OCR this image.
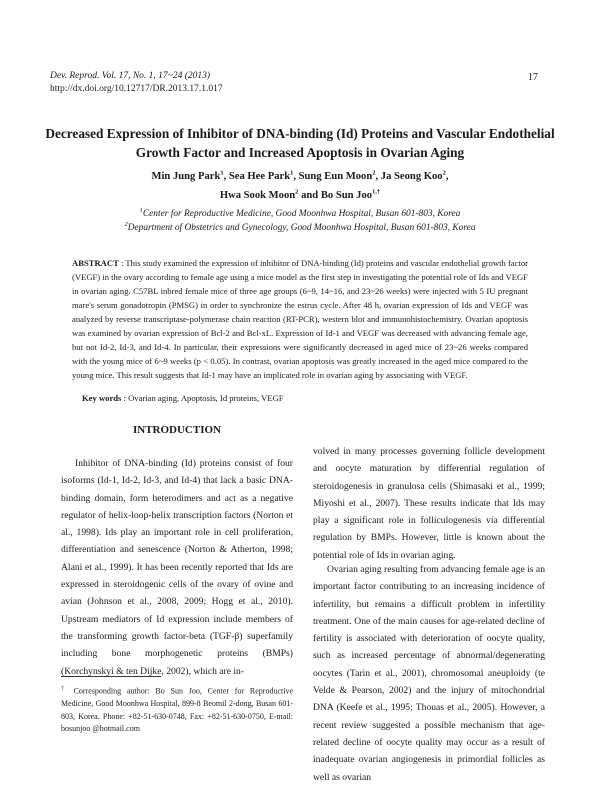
Dev. Reprod. Vol. 17, No. 1, 17~24 (2013)
http://dx.doi.org/10.12717/DR.2013.17.1.017
17
Decreased Expression of Inhibitor of DNA-binding (Id) Proteins and Vascular Endothelial Growth Factor and Increased Apoptosis in Ovarian Aging
Min Jung Park$^1$, Sea Hee Park$^1$, Sung Eun Moon$^2$, Ja Seong Koo$^2$,
Hwa Sook Moon$^2$ and Bo Sun Joo$^{1,\dagger}$
$^1$Center for Reproductive Medicine, Good Moonhwa Hospital, Busan 601-803, Korea
$^2$Department of Obstetrics and Gynecology, Good Moonhwa Hospital, Busan 601-803, Korea
ABSTRACT : This study examined the expression of inhibitor of DNA-binding (Id) proteins and vascular endothelial growth factor (VEGF) in the ovary according to female age using a mice model as the first step in investigating the potential role of Ids and VEGF in ovarian aging. C57BL inbred female mice of three age groups (6~9, 14~16, and 23~26 weeks) were injected with 5 IU pregnant mare's serum gonadotropin (PMSG) in order to synchronize the estrus cycle. After 48 h, ovarian expression of Ids and VEGF was analyzed by reverse transcriptase-polymerase chain reaction (RT-PCR), western blot and immunohistochemistry. Ovarian apoptosis was examined by ovarian expression of Bcl-2 and Bcl-xL. Expression of Id-1 and VEGF was decreased with advancing female age, but not Id-2, Id-3, and Id-4. In particular, their expressions were significantly decreased in aged mice of 23~26 weeks compared with the young mice of 6~9 weeks (p < 0.05). In contrast, ovarian apoptosis was greatly increased in the aged mice compared to the young mice. This result suggests that Id-1 may have an implicated role in ovarian aging by associating with VEGF.
Key words : Ovarian aging, Apoptosis, Id proteins, VEGF
INTRODUCTION

Inhibitor of DNA-binding (Id) proteins consist of four isoforms (Id-1, Id-2, Id-3, and Id-4) that lack a basic DNA-binding domain, form heterodimers and act as a negative regulator of helix-loop-helix transcription factors (Norton et al., 1998). Ids play an important role in cell proliferation, differentiation and senescence (Norton & Atherton, 1998; Alani et al., 1999). It has been recently reported that Ids are expressed in steroidogenic cells of the ovary of ovine and avian (Johnson et al., 2008, 2009; Hogg et al., 2010). Upstream mediators of Id expression include members of the transforming growth factor-beta (TGF-β) superfamily including bone morphogenetic proteins (BMPs) (Korchynskyi & ten Dijke, 2002), which are in-

volved in many processes governing follicle development and oocyte maturation by differential regulation of steroidogenesis in granulosa cells (Shimasaki et al., 1999; Miyoshi et al., 2007). These results indicate that Ids may play a significant role in folliculogenesis via differential regulation by BMPs. However, little is known about the potential role of Ids in ovarian aging.

Ovarian aging resulting from advancing female age is an important factor contributing to an increasing incidence of infertility, but remains a difficult problem in infertility treatment. One of the main causes for age-related decline of fertility is associated with deterioration of oocyte quality, such as increased percentage of abnormal/degenerating oocytes (Tarin et al., 2001), chromosomal aneuploidy (te Velde & Pearson, 2002) and the injury of mitochondrial DNA (Keefe et al., 1995; Thouas et al., 2005). However, a recent review suggested a possible mechanism that age-related decline of oocyte quality may occur as a result of inadequate ovarian angiogenesis in primordial follicles as well as ovarian

† Corresponding author: Bo Sun Joo, Center for Reproductive Medicine, Good Moonhwa Hospital, 899-8 Beomil 2-dong, Busan 601-803, Korea. Phone: +82-51-630-0748, Fax: +82-51-630-0750, E-mail: bosunjoo @hotmail.com
